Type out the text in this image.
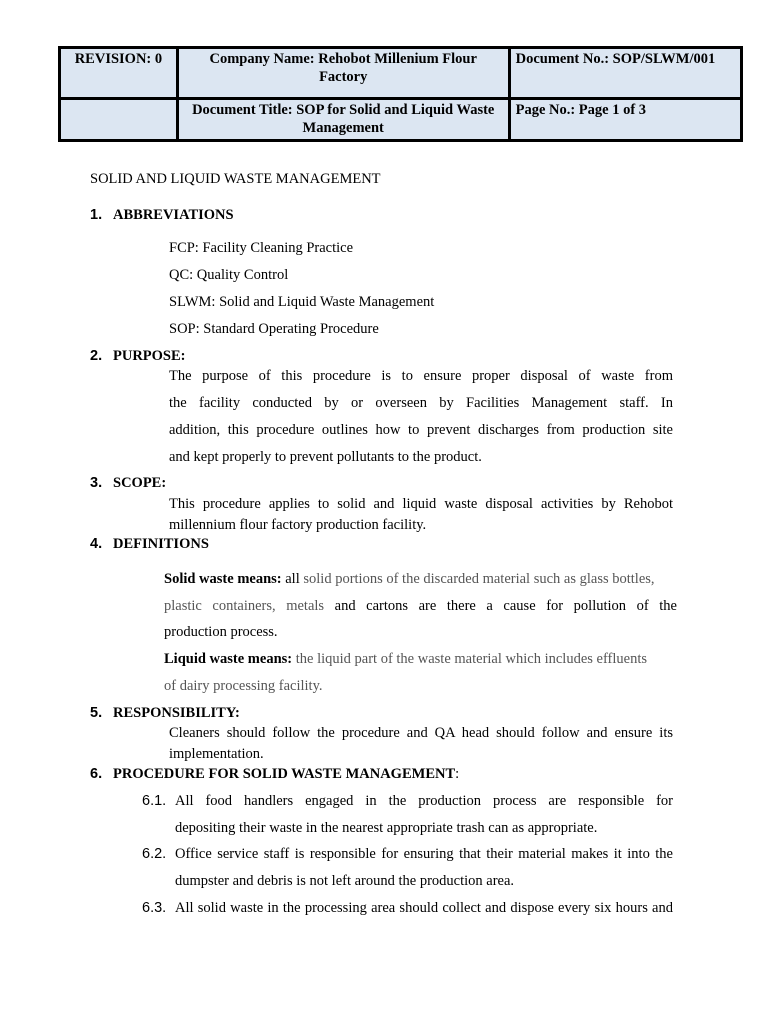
REVISION: 0	Company Name: Rehobot Millenium Flour Factory	Document No.: SOP/SLWM/001
	Document Title: SOP for Solid and Liquid Waste Management	Page No.: Page 1 of 3
SOLID AND LIQUID WASTE MANAGEMENT
1. ABBREVIATIONS
FCP: Facility Cleaning Practice
QC: Quality Control
SLWM: Solid and Liquid Waste Management
SOP: Standard Operating Procedure
2. PURPOSE:
The purpose of this procedure is to ensure proper disposal of waste from
the facility conducted by or overseen by Facilities Management staff. In
addition, this procedure outlines how to prevent discharges from production site
and kept properly to prevent pollutants to the product.
3. SCOPE:
This procedure applies to solid and liquid waste disposal activities by Rehobot
millennium flour factory production facility.
4. DEFINITIONS
Solid waste means: all solid portions of the discarded material such as glass bottles,
plastic containers, metals and cartons are there a cause for pollution of the
production process.
Liquid waste means: the liquid part of the waste material which includes effluents
of dairy processing facility.
5. RESPONSIBILITY:
Cleaners should follow the procedure and QA head should follow and ensure its
implementation.
6. PROCEDURE FOR SOLID WASTE MANAGEMENT:
6.1. All food handlers engaged in the production process are responsible for
depositing their waste in the nearest appropriate trash can as appropriate.
6.2. Office service staff is responsible for ensuring that their material makes it into the
dumpster and debris is not left around the production area.
6.3. All solid waste in the processing area should collect and dispose every six hours and
